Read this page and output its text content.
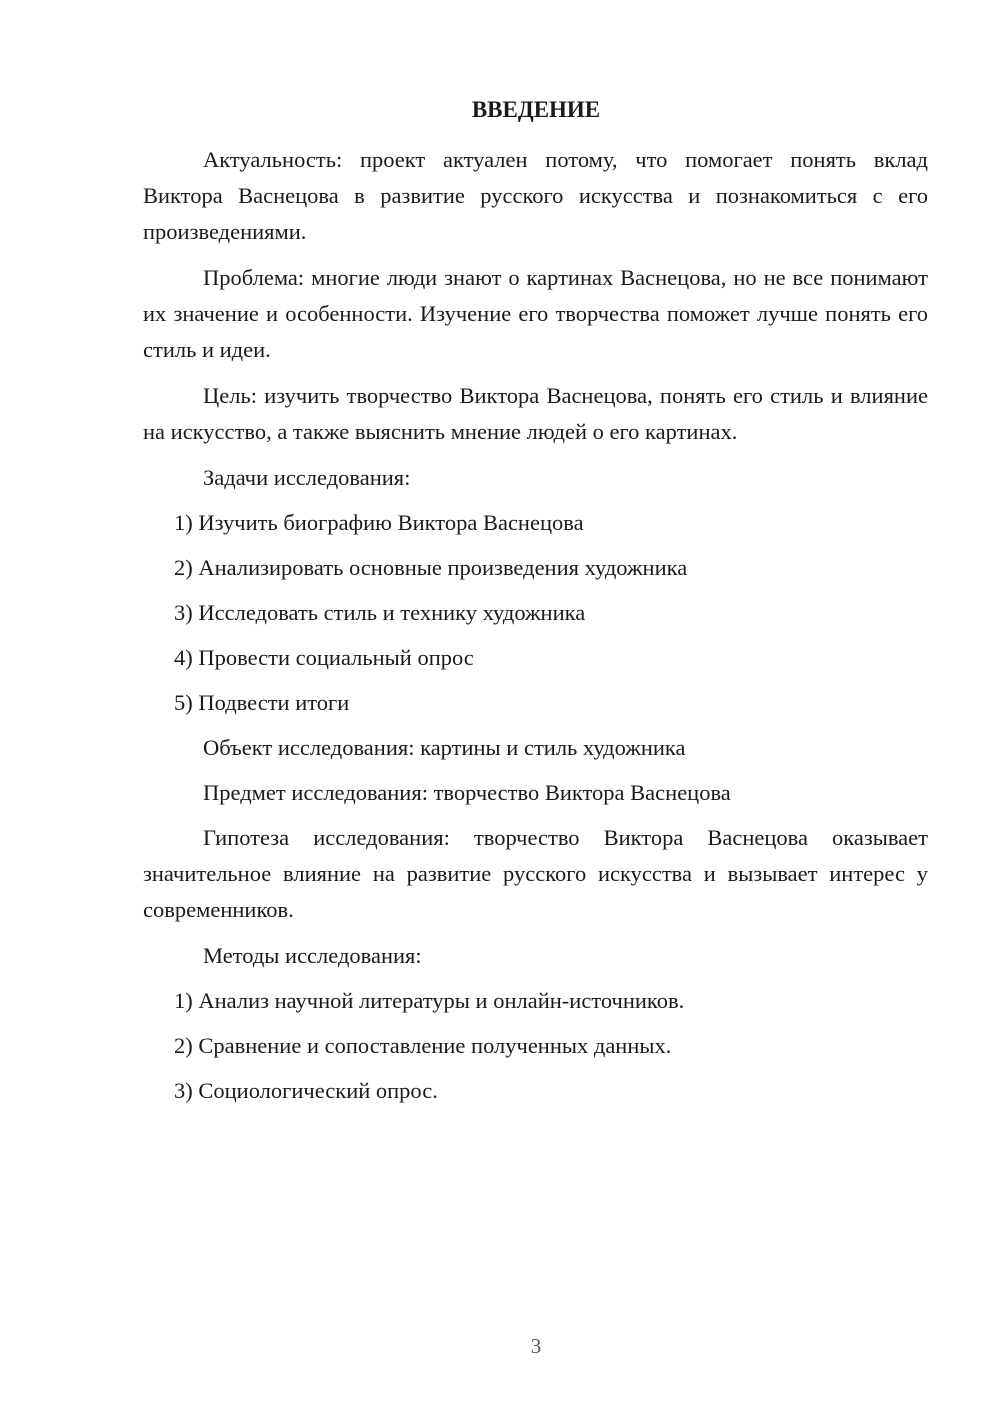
ВВЕДЕНИЕ

Актуальность: проект актуален потому, что помогает понять вклад Виктора Васнецова в развитие русского искусства и познакомиться с его произведениями.

Проблема: многие люди знают о картинах Васнецова, но не все понимают их значение и особенности. Изучение его творчества поможет лучше понять его стиль и идеи.

Цель: изучить творчество Виктора Васнецова, понять его стиль и влияние на искусство, а также выяснить мнение людей о его картинах.

Задачи исследования:
1) Изучить биографию Виктора Васнецова
2) Анализировать основные произведения художника
3) Исследовать стиль и технику художника
4) Провести социальный опрос
5) Подвести итоги
Объект исследования: картины и стиль художника
Предмет исследования: творчество Виктора Васнецова

Гипотеза исследования: творчество Виктора Васнецова оказывает значительное влияние на развитие русского искусства и вызывает интерес у современников.

Методы исследования:
1) Анализ научной литературы и онлайн-источников.
2) Сравнение и сопоставление полученных данных.
3) Социологический опрос.
3
